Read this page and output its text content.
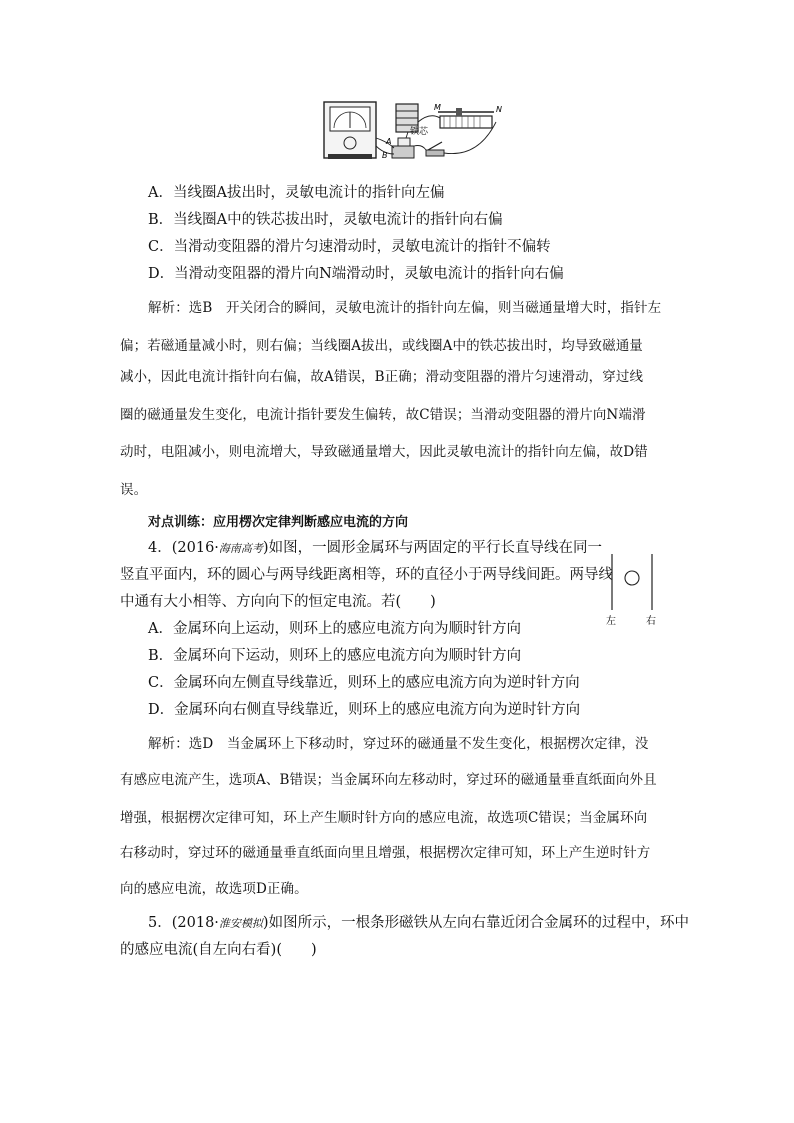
铁芯
A
B
M	N
A．当线圈A拔出时，灵敏电流计的指针向左偏
B．当线圈A中的铁芯拔出时，灵敏电流计的指针向右偏
C．当滑动变阻器的滑片匀速滑动时，灵敏电流计的指针不偏转
D．当滑动变阻器的滑片向N端滑动时，灵敏电流计的指针向右偏
解析：选B　开关闭合的瞬间，灵敏电流计的指针向左偏，则当磁通量增大时，指针左
偏；若磁通量减小时，则右偏；当线圈A拔出，或线圈A中的铁芯拔出时，均导致磁通量
减小，因此电流计指针向右偏，故A错误，B正确；滑动变阻器的滑片匀速滑动，穿过线
圈的磁通量发生变化，电流计指针要发生偏转，故C错误；当滑动变阻器的滑片向N端滑
动时，电阻减小，则电流增大，导致磁通量增大，因此灵敏电流计的指针向左偏，故D错
误。
对点训练：应用楞次定律判断感应电流的方向
4．(2016·海南高考)如图，一圆形金属环与两固定的平行长直导线在同一
竖直平面内，环的圆心与两导线距离相等，环的直径小于两导线间距。两导线
中通有大小相等、方向向下的恒定电流。若(　　)
左	右
A．金属环向上运动，则环上的感应电流方向为顺时针方向
B．金属环向下运动，则环上的感应电流方向为顺时针方向
C．金属环向左侧直导线靠近，则环上的感应电流方向为逆时针方向
D．金属环向右侧直导线靠近，则环上的感应电流方向为逆时针方向
解析：选D　当金属环上下移动时，穿过环的磁通量不发生变化，根据楞次定律，没
有感应电流产生，选项A、B错误；当金属环向左移动时，穿过环的磁通量垂直纸面向外且
增强，根据楞次定律可知，环上产生顺时针方向的感应电流，故选项C错误；当金属环向
右移动时，穿过环的磁通量垂直纸面向里且增强，根据楞次定律可知，环上产生逆时针方
向的感应电流，故选项D正确。
5．(2018·淮安模拟)如图所示，一根条形磁铁从左向右靠近闭合金属环的过程中，环中
的感应电流(自左向右看)(　　)
